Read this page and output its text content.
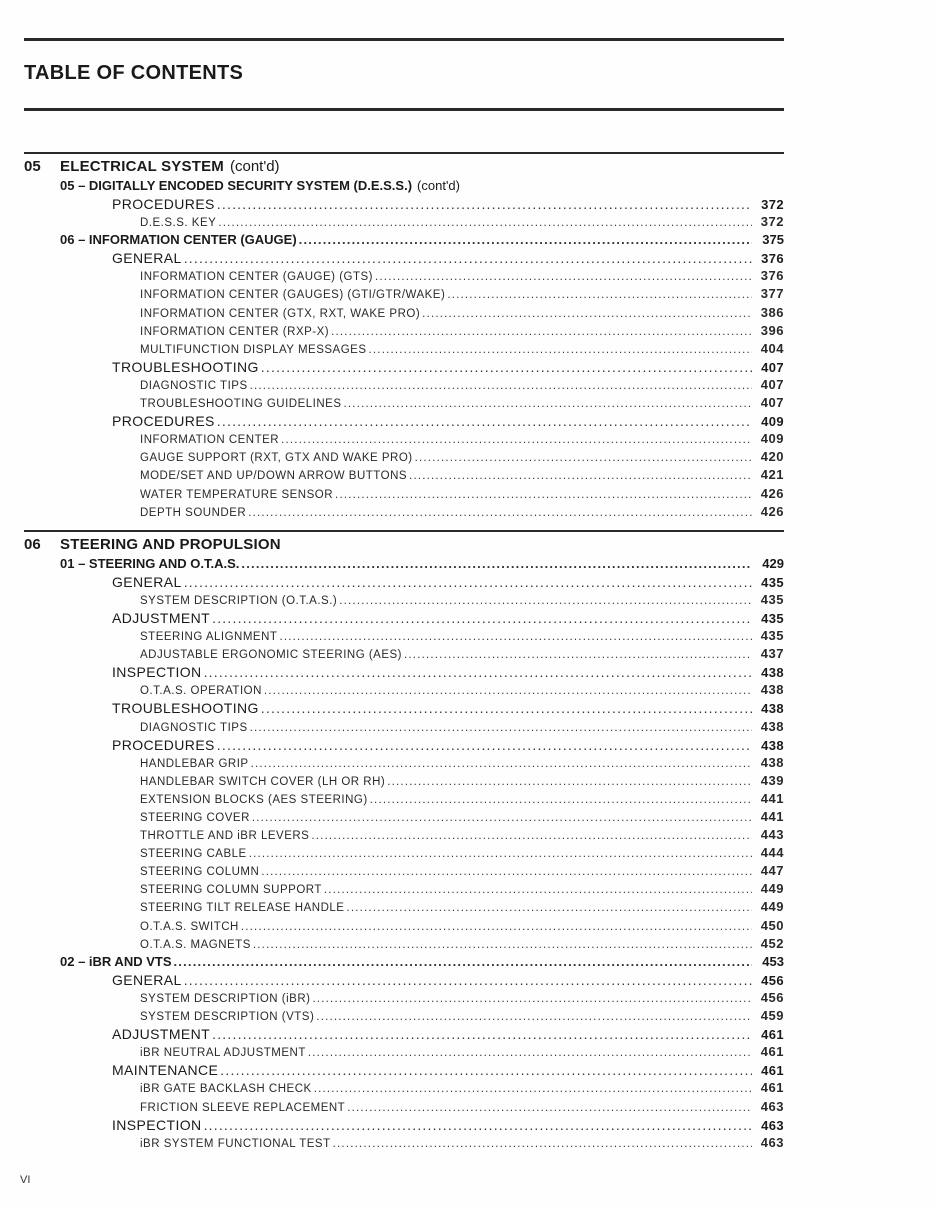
TABLE OF CONTENTS
05	ELECTRICAL SYSTEM (cont'd)
05 – DIGITALLY ENCODED SECURITY SYSTEM (D.E.S.S.) (cont'd)
PROCEDURES .....	372
D.E.S.S. KEY .....	372
06 – INFORMATION CENTER (GAUGE) .....	375
GENERAL .....	376
INFORMATION CENTER (GAUGE) (GTS) .....	376
INFORMATION CENTER (GAUGES) (GTI/GTR/WAKE) .....	377
INFORMATION CENTER (GTX, RXT, WAKE PRO) .....	386
INFORMATION CENTER (RXP-X) .....	396
MULTIFUNCTION DISPLAY MESSAGES .....	404
TROUBLESHOOTING .....	407
DIAGNOSTIC TIPS .....	407
TROUBLESHOOTING GUIDELINES .....	407
PROCEDURES .....	409
INFORMATION CENTER .....	409
GAUGE SUPPORT (RXT, GTX AND WAKE PRO) .....	420
MODE/SET AND UP/DOWN ARROW BUTTONS .....	421
WATER TEMPERATURE SENSOR .....	426
DEPTH SOUNDER .....	426
06	STEERING AND PROPULSION
01 – STEERING AND O.T.A.S. .....	429
GENERAL .....	435
SYSTEM DESCRIPTION (O.T.A.S.) .....	435
ADJUSTMENT .....	435
STEERING ALIGNMENT .....	435
ADJUSTABLE ERGONOMIC STEERING (AES) .....	437
INSPECTION .....	438
O.T.A.S. OPERATION .....	438
TROUBLESHOOTING .....	438
DIAGNOSTIC TIPS .....	438
PROCEDURES .....	438
HANDLEBAR GRIP .....	438
HANDLEBAR SWITCH COVER (LH OR RH) .....	439
EXTENSION BLOCKS (AES STEERING) .....	441
STEERING COVER .....	441
THROTTLE AND iBR LEVERS .....	443
STEERING CABLE .....	444
STEERING COLUMN .....	447
STEERING COLUMN SUPPORT .....	449
STEERING TILT RELEASE HANDLE .....	449
O.T.A.S. SWITCH .....	450
O.T.A.S. MAGNETS .....	452
02 – iBR AND VTS .....	453
GENERAL .....	456
SYSTEM DESCRIPTION (iBR) .....	456
SYSTEM DESCRIPTION (VTS) .....	459
ADJUSTMENT .....	461
iBR NEUTRAL ADJUSTMENT .....	461
MAINTENANCE .....	461
iBR GATE BACKLASH CHECK .....	461
FRICTION SLEEVE REPLACEMENT .....	463
INSPECTION .....	463
iBR SYSTEM FUNCTIONAL TEST .....	463
VI
